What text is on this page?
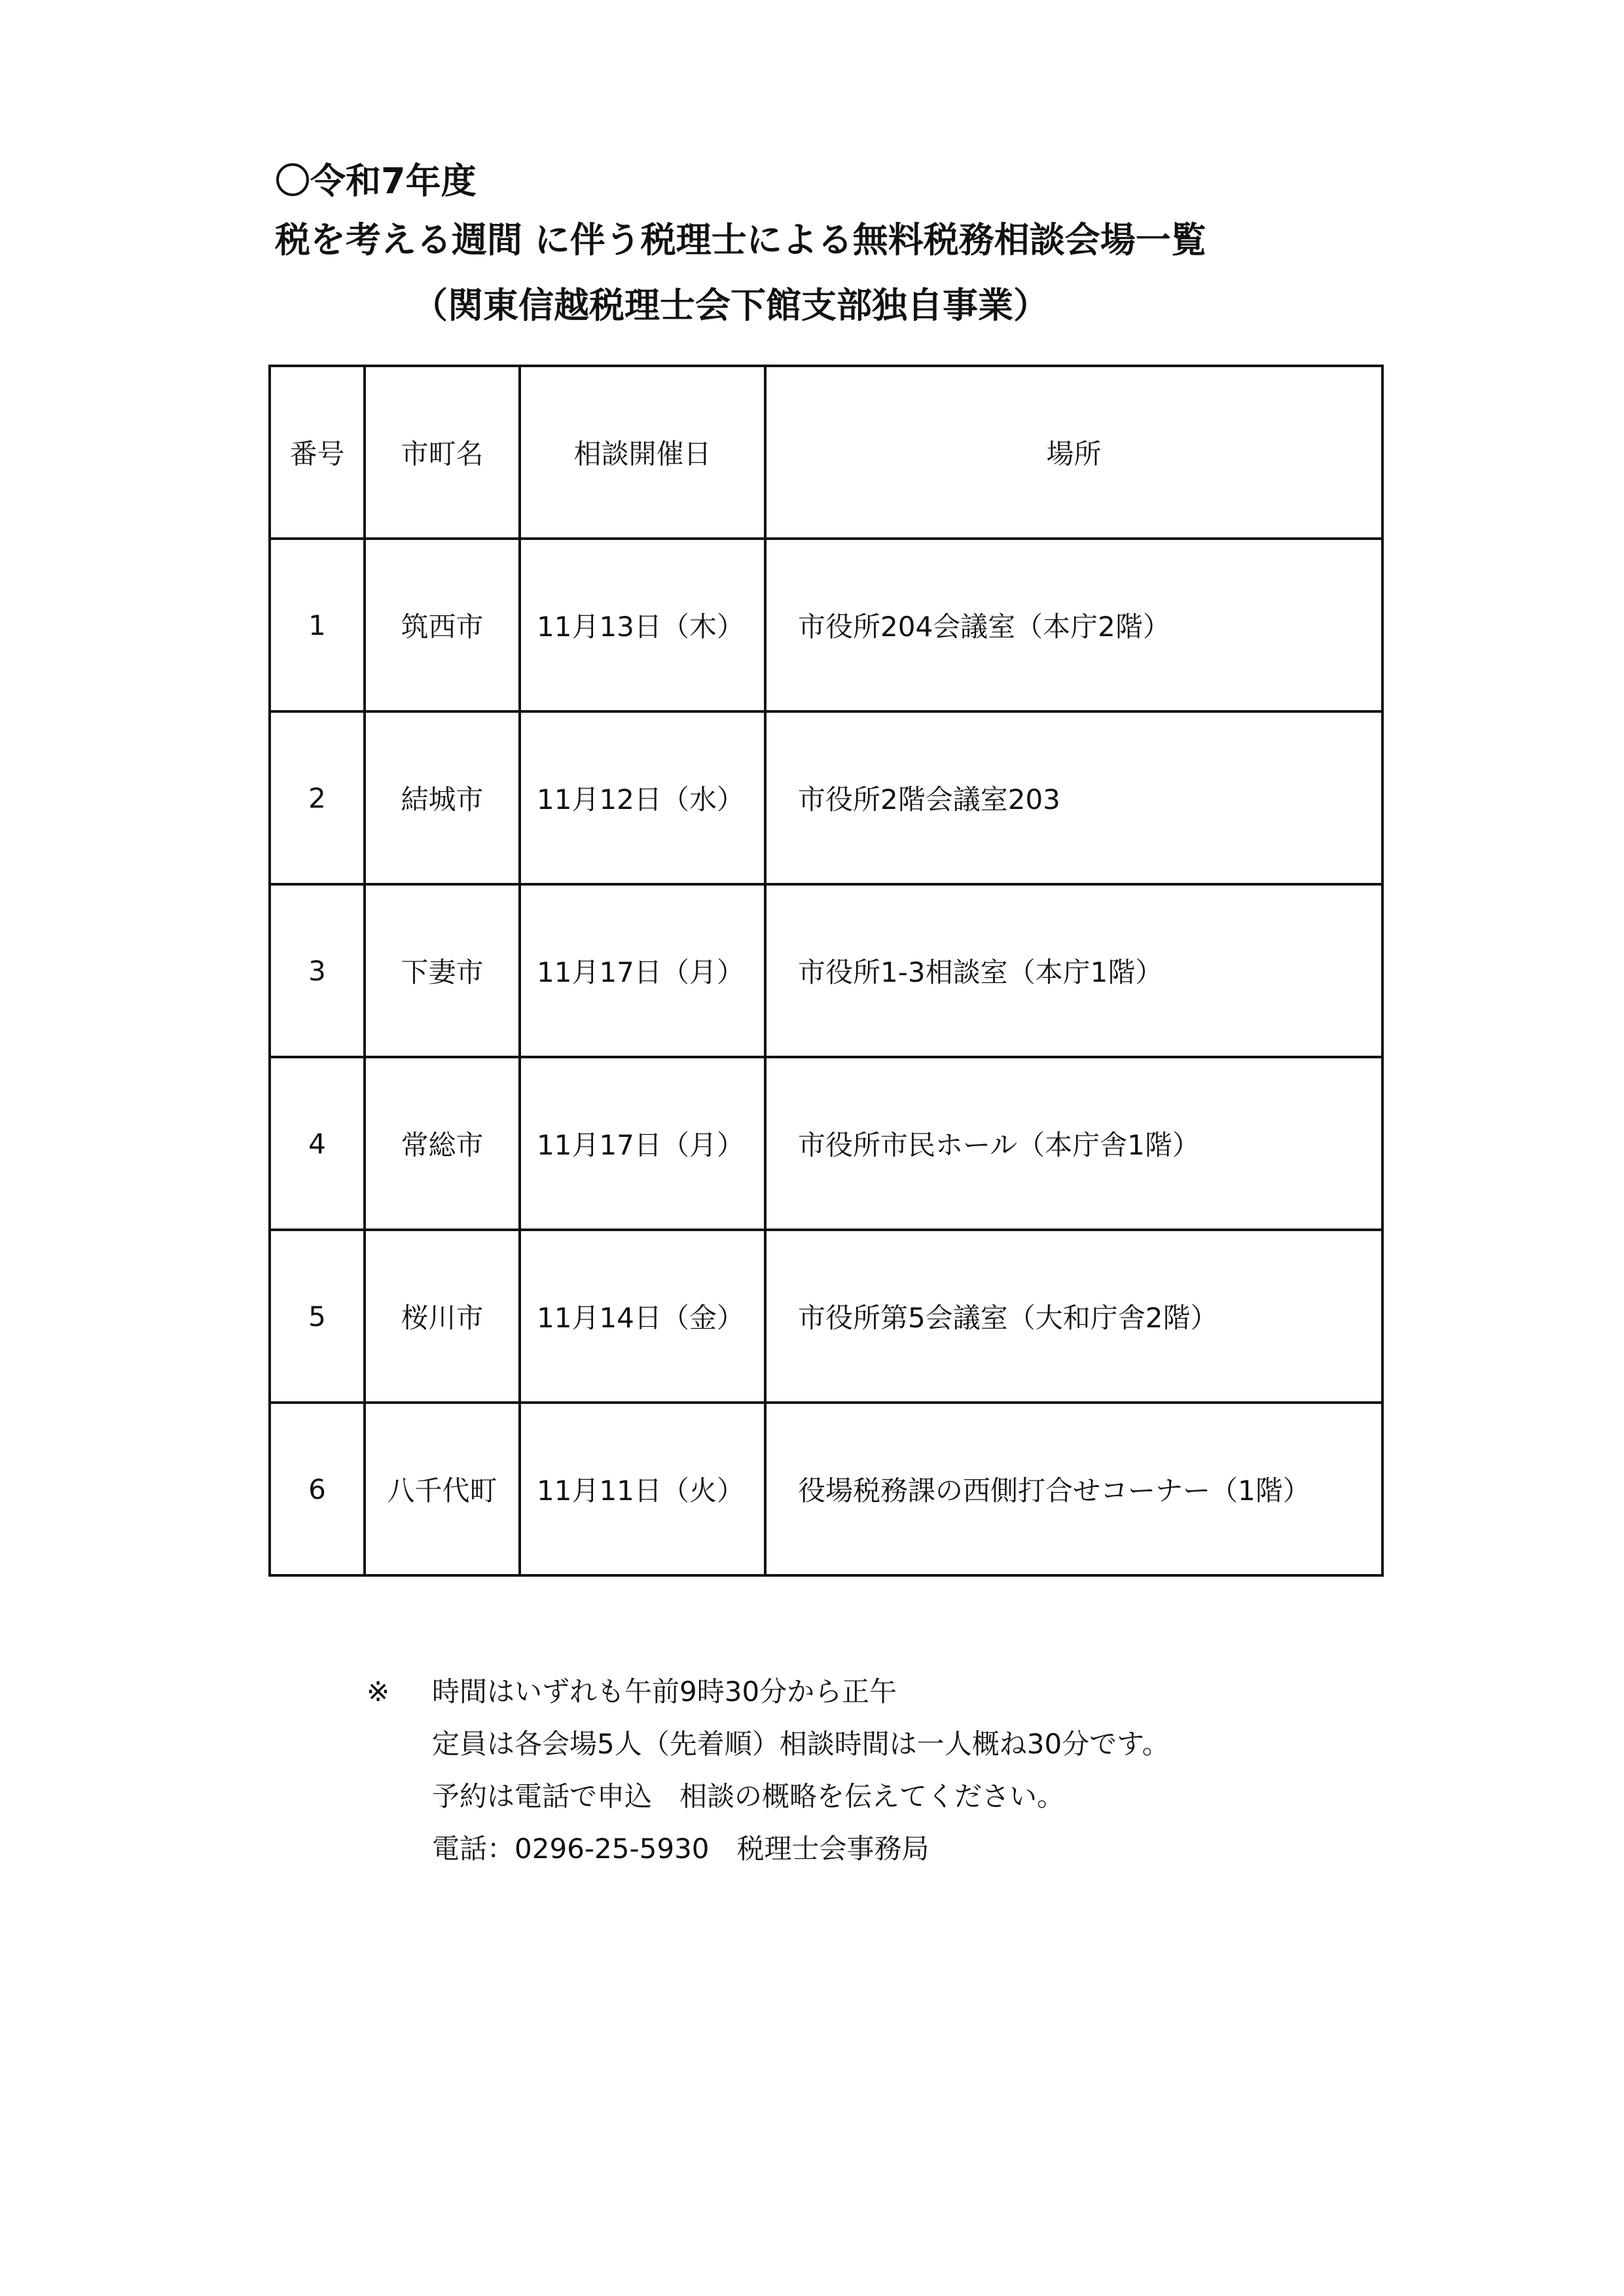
〇令和7年度
税を考える週間 に伴う税理士による無料税務相談会場一覧
（関東信越税理士会下館支部独自事業）
番号	市町名	相談開催日	場所
1	筑西市	11月13日（木）	市役所204会議室（本庁2階）
2	結城市	11月12日（水）	市役所2階会議室203
3	下妻市	11月17日（月）	市役所1-3相談室（本庁1階）
4	常総市	11月17日（月）	市役所市民ホール（本庁舎1階）
5	桜川市	11月14日（金）	市役所第5会議室（大和庁舎2階）
6	八千代町	11月11日（火）	役場税務課の西側打合せコーナー（1階）
※	時間はいずれも午前9時30分から正午
定員は各会場5人（先着順）相談時間は一人概ね30分です。
予約は電話で申込　相談の概略を伝えてください。
電話：0296-25-5930　税理士会事務局
